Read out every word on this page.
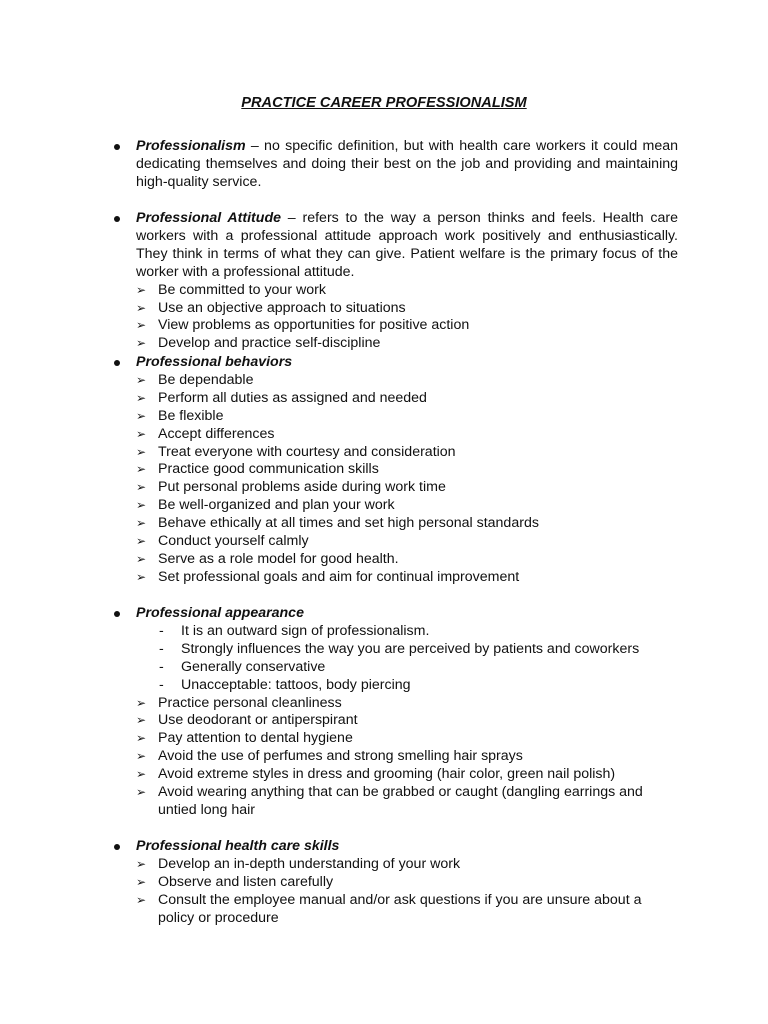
PRACTICE CAREER PROFESSIONALISM
Professionalism – no specific definition, but with health care workers it could mean dedicating themselves and doing their best on the job and providing and maintaining high-quality service.
Professional Attitude – refers to the way a person thinks and feels. Health care workers with a professional attitude approach work positively and enthusiastically. They think in terms of what they can give. Patient welfare is the primary focus of the worker with a professional attitude.
➢ Be committed to your work
➢ Use an objective approach to situations
➢ View problems as opportunities for positive action
➢ Develop and practice self-discipline
Professional behaviors
➢ Be dependable
➢ Perform all duties as assigned and needed
➢ Be flexible
➢ Accept differences
➢ Treat everyone with courtesy and consideration
➢ Practice good communication skills
➢ Put personal problems aside during work time
➢ Be well-organized and plan your work
➢ Behave ethically at all times and set high personal standards
➢ Conduct yourself calmly
➢ Serve as a role model for good health.
➢ Set professional goals and aim for continual improvement
Professional appearance
- It is an outward sign of professionalism.
- Strongly influences the way you are perceived by patients and coworkers
- Generally conservative
- Unacceptable: tattoos, body piercing
➢ Practice personal cleanliness
➢ Use deodorant or antiperspirant
➢ Pay attention to dental hygiene
➢ Avoid the use of perfumes and strong smelling hair sprays
➢ Avoid extreme styles in dress and grooming (hair color, green nail polish)
➢ Avoid wearing anything that can be grabbed or caught (dangling earrings and untied long hair
Professional health care skills
➢ Develop an in-depth understanding of your work
➢ Observe and listen carefully
➢ Consult the employee manual and/or ask questions if you are unsure about a policy or procedure
